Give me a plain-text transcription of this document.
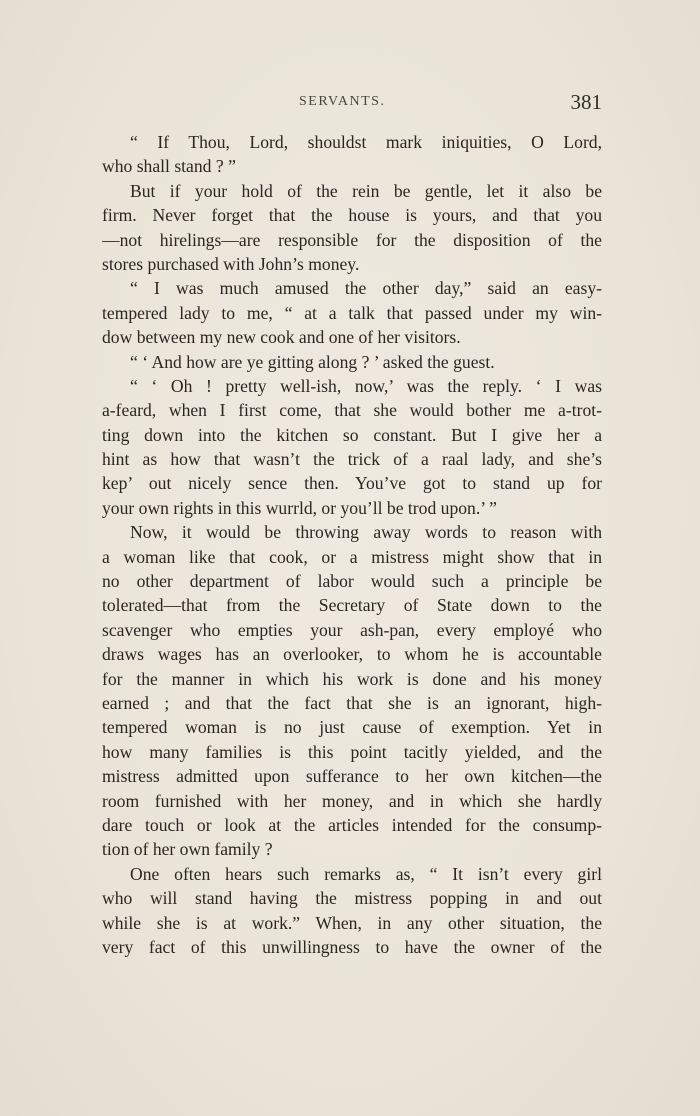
SERVANTS.	381
“ If Thou, Lord, shouldst mark iniquities, O Lord,
who shall stand ? ”
But if your hold of the rein be gentle, let it also be
firm. Never forget that the house is yours, and that you
—not hirelings—are responsible for the disposition of the
stores purchased with John’s money.
“ I was much amused the other day,” said an easy-
tempered lady to me, “ at a talk that passed under my win-
dow between my new cook and one of her visitors.
“ ‘ And how are ye gitting along ? ’ asked the guest.
“ ‘ Oh ! pretty well-ish, now,’ was the reply. ‘ I was
a-feard, when I first come, that she would bother me a-trot-
ting down into the kitchen so constant. But I give her a
hint as how that wasn’t the trick of a raal lady, and she’s
kep’ out nicely sence then. You’ve got to stand up for
your own rights in this wurrld, or you’ll be trod upon.’ ”
Now, it would be throwing away words to reason with
a woman like that cook, or a mistress might show that in
no other department of labor would such a principle be
tolerated—that from the Secretary of State down to the
scavenger who empties your ash-pan, every employé who
draws wages has an overlooker, to whom he is accountable
for the manner in which his work is done and his money
earned ; and that the fact that she is an ignorant, high-
tempered woman is no just cause of exemption. Yet in
how many families is this point tacitly yielded, and the
mistress admitted upon sufferance to her own kitchen—the
room furnished with her money, and in which she hardly
dare touch or look at the articles intended for the consump-
tion of her own family ?
One often hears such remarks as, “ It isn’t every girl
who will stand having the mistress popping in and out
while she is at work.” When, in any other situation, the
very fact of this unwillingness to have the owner of the
